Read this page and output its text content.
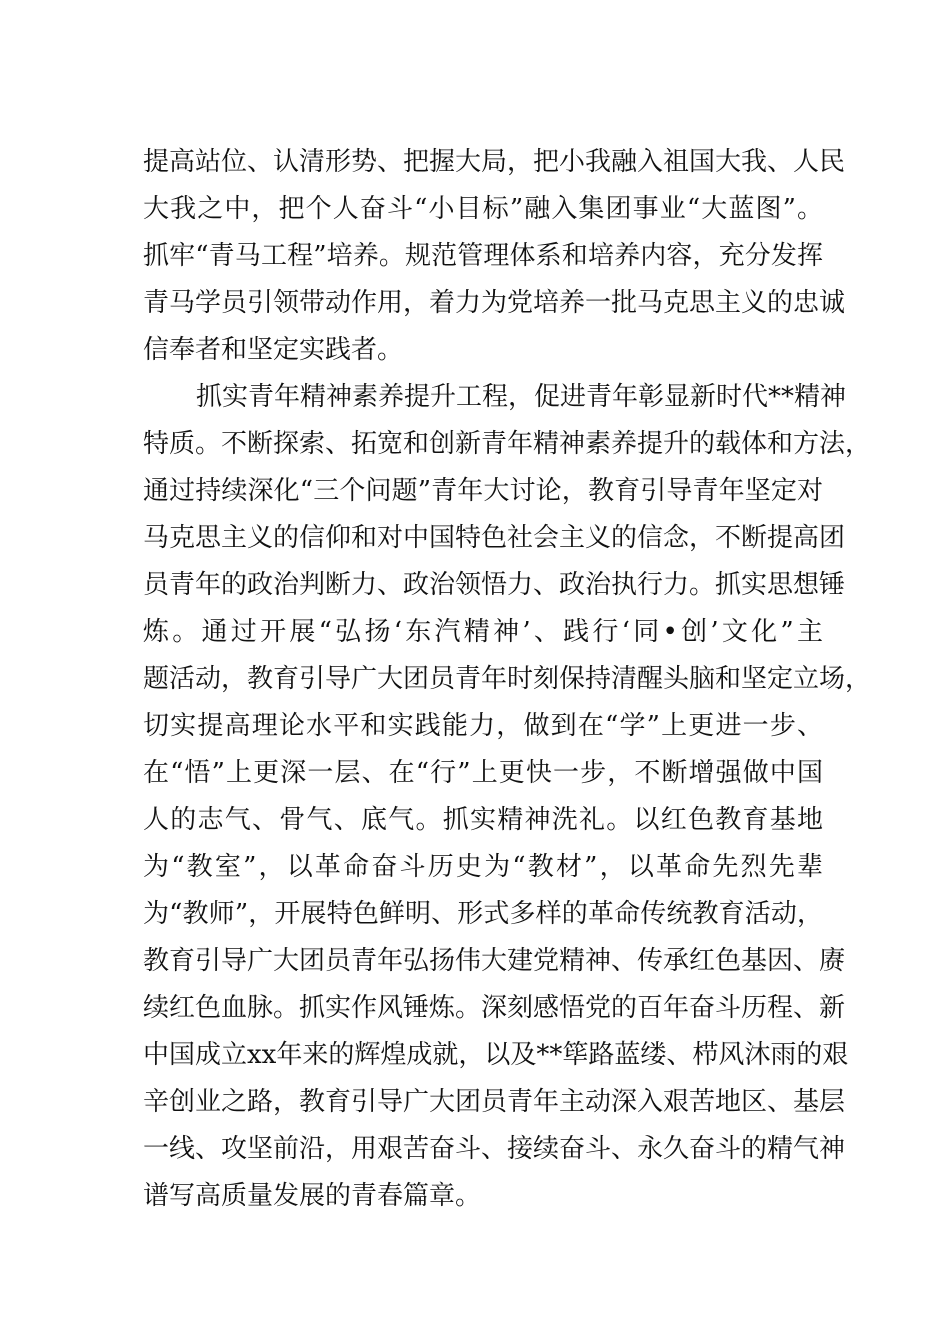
提高站位、认清形势、把握大局，把小我融入祖国大我、人民
大我之中，把个人奋斗“小目标”融入集团事业“大蓝图”。
抓牢“青马工程”培养。规范管理体系和培养内容，充分发挥
青马学员引领带动作用，着力为党培养一批马克思主义的忠诚
信奉者和坚定实践者。
抓实青年精神素养提升工程，促进青年彰显新时代**精神
特质。不断探索、拓宽和创新青年精神素养提升的载体和方法，
通过持续深化“三个问题”青年大讨论，教育引导青年坚定对
马克思主义的信仰和对中国特色社会主义的信念，不断提高团
员青年的政治判断力、政治领悟力、政治执行力。抓实思想锤
炼。通过开展“弘扬‘东汽精神’、践行‘同•创’文化”主
题活动，教育引导广大团员青年时刻保持清醒头脑和坚定立场，
切实提高理论水平和实践能力，做到在“学”上更进一步、
在“悟”上更深一层、在“行”上更快一步，不断增强做中国
人的志气、骨气、底气。抓实精神洗礼。以红色教育基地
为“教室”，以革命奋斗历史为“教材”，以革命先烈先辈
为“教师”，开展特色鲜明、形式多样的革命传统教育活动，
教育引导广大团员青年弘扬伟大建党精神、传承红色基因、赓
续红色血脉。抓实作风锤炼。深刻感悟党的百年奋斗历程、新
中国成立xx年来的辉煌成就，以及**筚路蓝缕、栉风沐雨的艰
辛创业之路，教育引导广大团员青年主动深入艰苦地区、基层
一线、攻坚前沿，用艰苦奋斗、接续奋斗、永久奋斗的精气神
谱写高质量发展的青春篇章。
